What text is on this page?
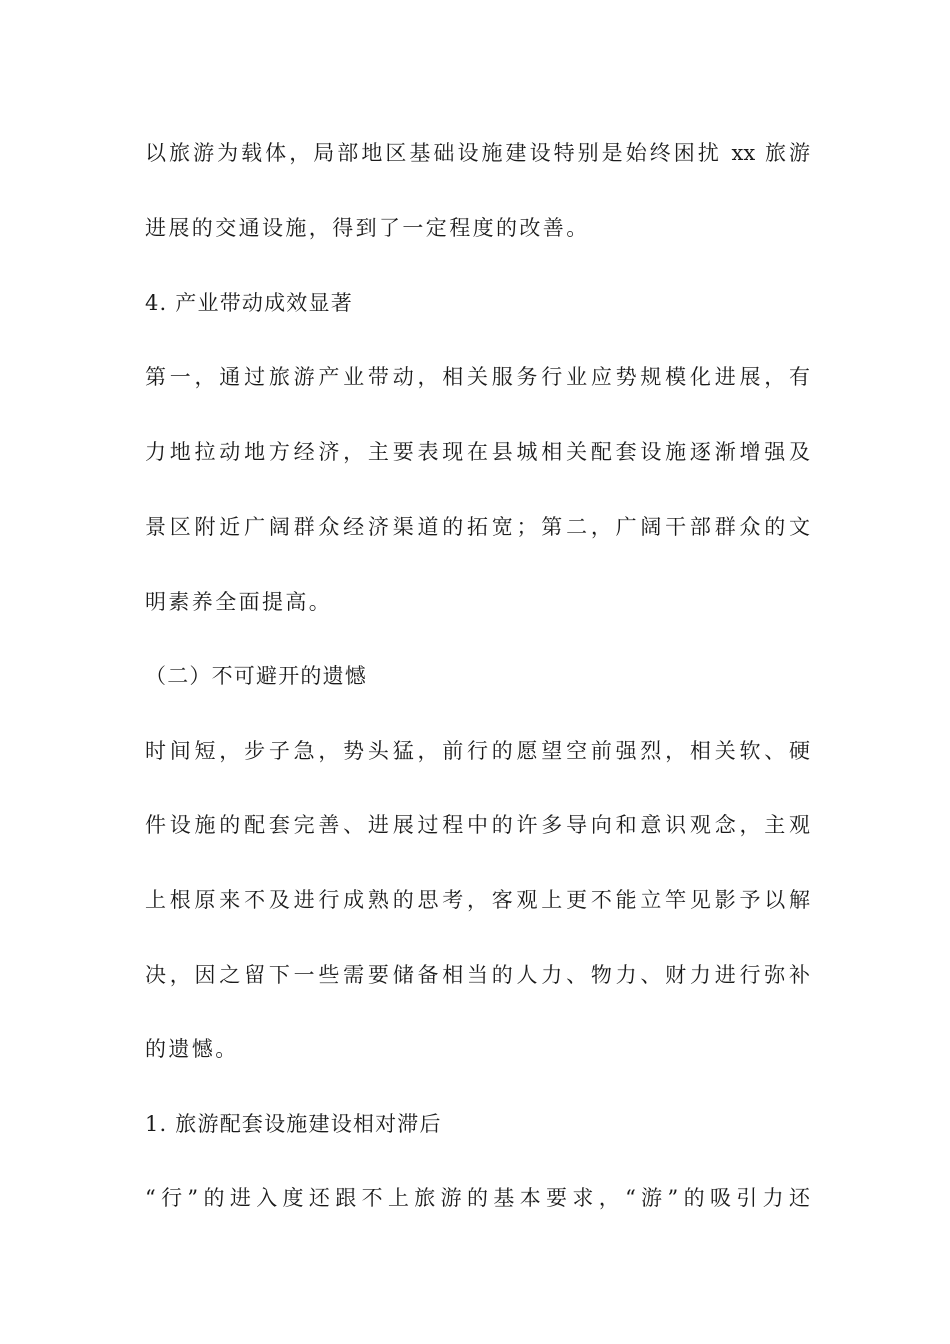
以旅游为载体，局部地区基础设施建设特别是始终困扰 xx 旅游
进展的交通设施，得到了一定程度的改善。
4. 产业带动成效显著
第一，通过旅游产业带动，相关服务行业应势规模化进展，有
力地拉动地方经济，主要表现在县城相关配套设施逐渐增强及
景区附近广阔群众经济渠道的拓宽；第二，广阔干部群众的文
明素养全面提高。
（二）不可避开的遗憾
时间短，步子急，势头猛，前行的愿望空前强烈，相关软、硬
件设施的配套完善、进展过程中的许多导向和意识观念，主观
上根原来不及进行成熟的思考，客观上更不能立竿见影予以解
决，因之留下一些需要储备相当的人力、物力、财力进行弥补
的遗憾。
1. 旅游配套设施建设相对滞后
“行”的进入度还跟不上旅游的基本要求，“游”的吸引力还
